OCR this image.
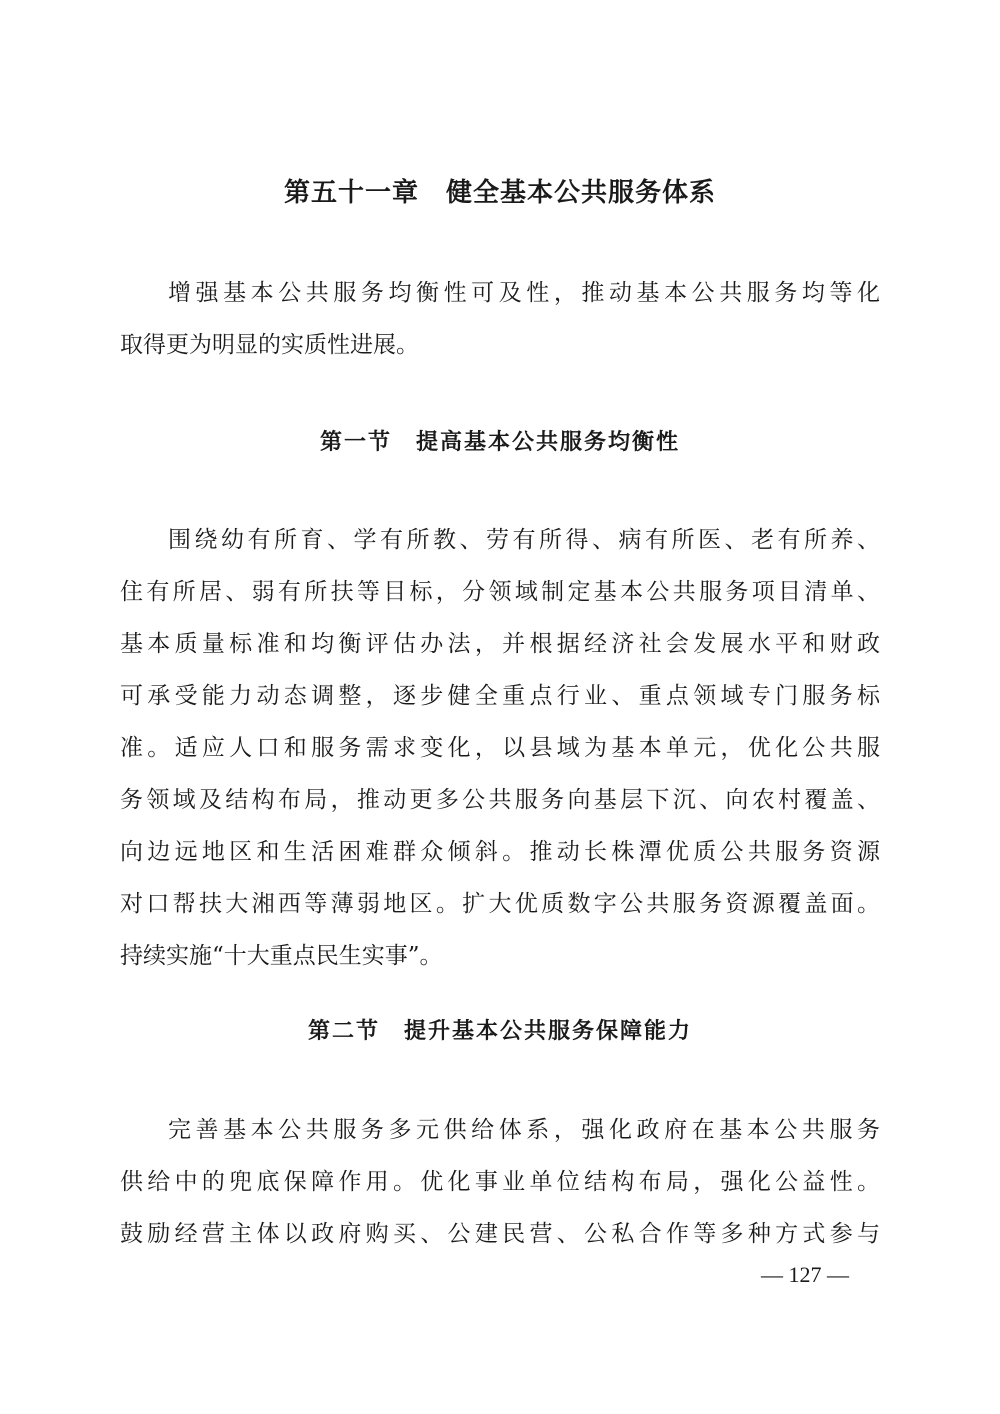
第五十一章　健全基本公共服务体系
增强基本公共服务均衡性可及性，推动基本公共服务均等化
取得更为明显的实质性进展。
第一节　提高基本公共服务均衡性
围绕幼有所育、学有所教、劳有所得、病有所医、老有所养、
住有所居、弱有所扶等目标，分领域制定基本公共服务项目清单、
基本质量标准和均衡评估办法，并根据经济社会发展水平和财政
可承受能力动态调整，逐步健全重点行业、重点领域专门服务标
准。适应人口和服务需求变化，以县域为基本单元，优化公共服
务领域及结构布局，推动更多公共服务向基层下沉、向农村覆盖、
向边远地区和生活困难群众倾斜。推动长株潭优质公共服务资源
对口帮扶大湘西等薄弱地区。扩大优质数字公共服务资源覆盖面。
持续实施“十大重点民生实事”。
第二节　提升基本公共服务保障能力
完善基本公共服务多元供给体系，强化政府在基本公共服务
供给中的兜底保障作用。优化事业单位结构布局，强化公益性。
鼓励经营主体以政府购买、公建民营、公私合作等多种方式参与
— 127 —
